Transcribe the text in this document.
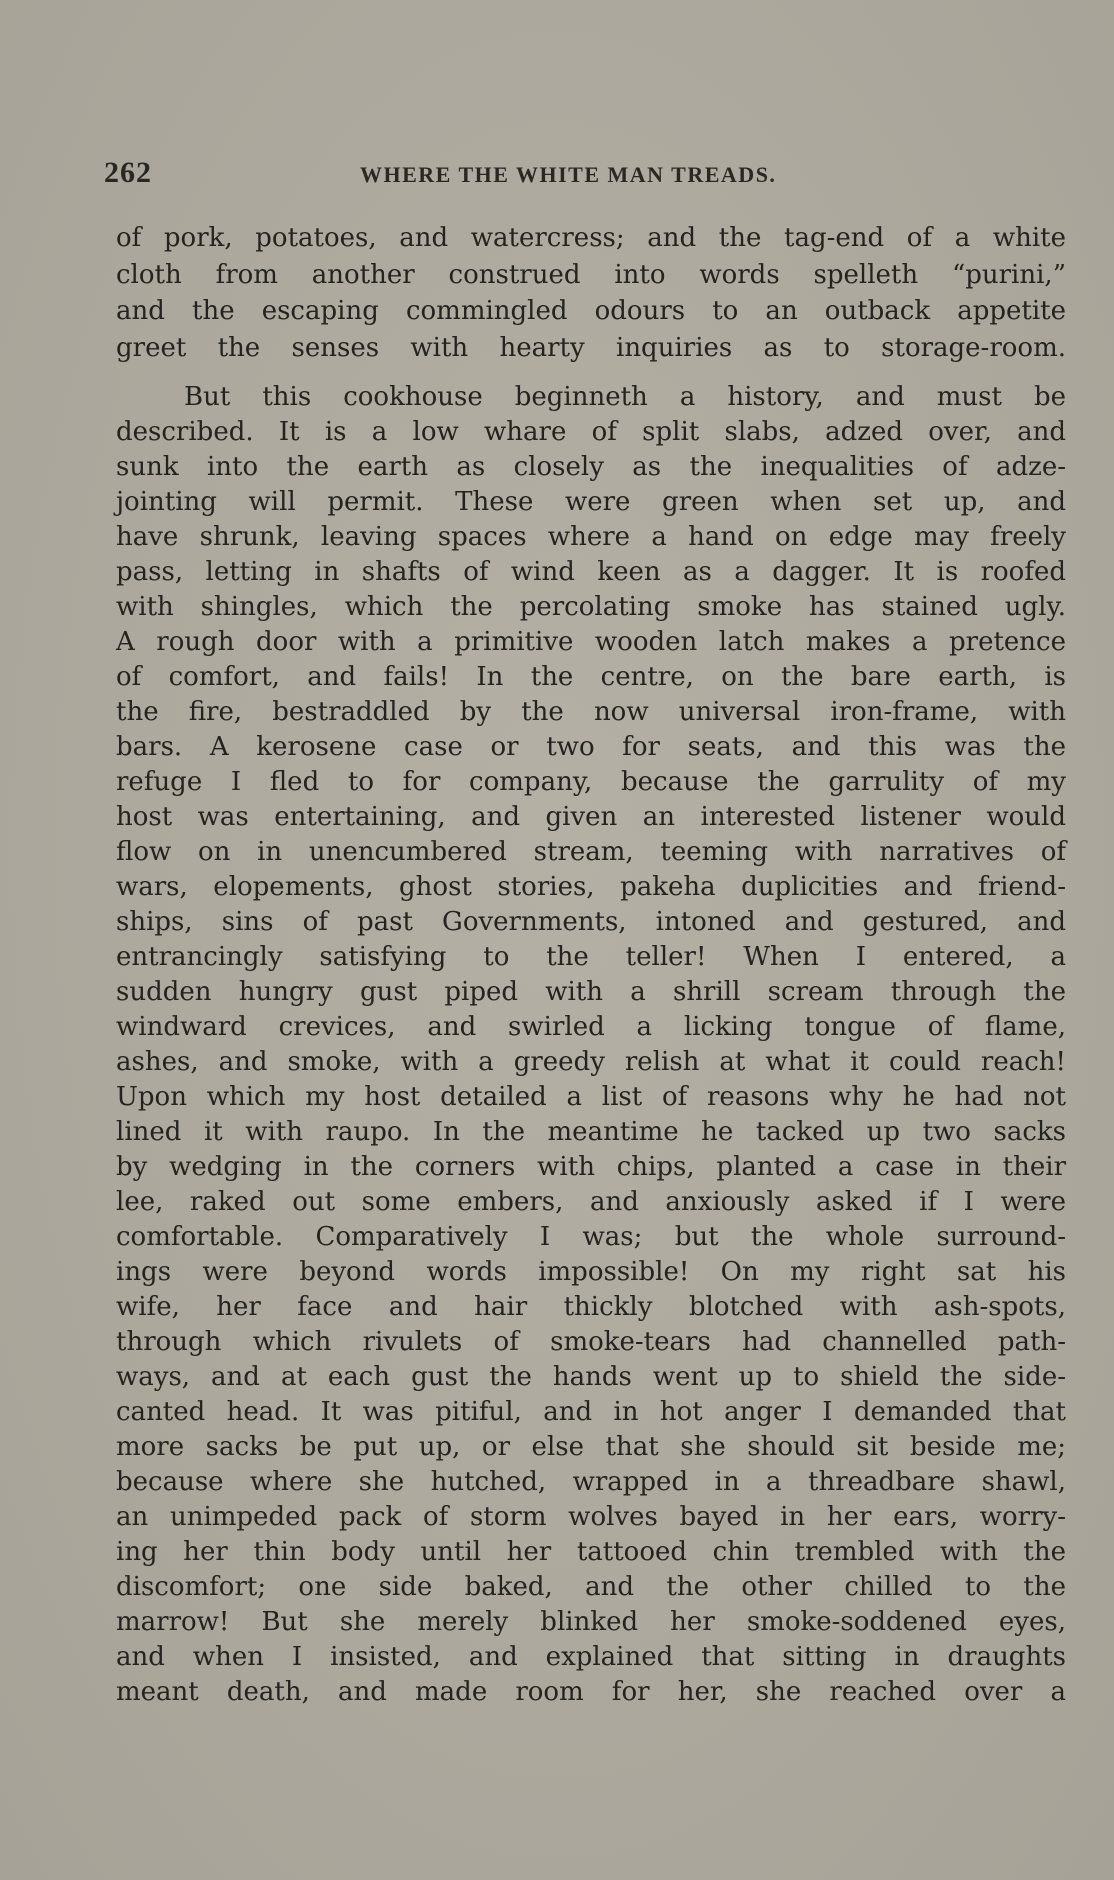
262	WHERE THE WHITE MAN TREADS.
of pork, potatoes, and watercress; and the tag-end of a white
cloth from another construed into words spelleth “purini,”
and the escaping commingled odours to an outback appetite
greet the senses with hearty inquiries as to storage-room.
But this cookhouse beginneth a history, and must be
described. It is a low whare of split slabs, adzed over, and
sunk into the earth as closely as the inequalities of adze-
jointing will permit. These were green when set up, and
have shrunk, leaving spaces where a hand on edge may freely
pass, letting in shafts of wind keen as a dagger. It is roofed
with shingles, which the percolating smoke has stained ugly.
A rough door with a primitive wooden latch makes a pretence
of comfort, and fails! In the centre, on the bare earth, is
the fire, bestraddled by the now universal iron-frame, with
bars. A kerosene case or two for seats, and this was the
refuge I fled to for company, because the garrulity of my
host was entertaining, and given an interested listener would
flow on in unencumbered stream, teeming with narratives of
wars, elopements, ghost stories, pakeha duplicities and friend-
ships, sins of past Governments, intoned and gestured, and
entrancingly satisfying to the teller! When I entered, a
sudden hungry gust piped with a shrill scream through the
windward crevices, and swirled a licking tongue of flame,
ashes, and smoke, with a greedy relish at what it could reach!
Upon which my host detailed a list of reasons why he had not
lined it with raupo. In the meantime he tacked up two sacks
by wedging in the corners with chips, planted a case in their
lee, raked out some embers, and anxiously asked if I were
comfortable. Comparatively I was; but the whole surround-
ings were beyond words impossible! On my right sat his
wife, her face and hair thickly blotched with ash-spots,
through which rivulets of smoke-tears had channelled path-
ways, and at each gust the hands went up to shield the side-
canted head. It was pitiful, and in hot anger I demanded that
more sacks be put up, or else that she should sit beside me;
because where she hutched, wrapped in a threadbare shawl,
an unimpeded pack of storm wolves bayed in her ears, worry-
ing her thin body until her tattooed chin trembled with the
discomfort; one side baked, and the other chilled to the
marrow! But she merely blinked her smoke-soddened eyes,
and when I insisted, and explained that sitting in draughts
meant death, and made room for her, she reached over a
